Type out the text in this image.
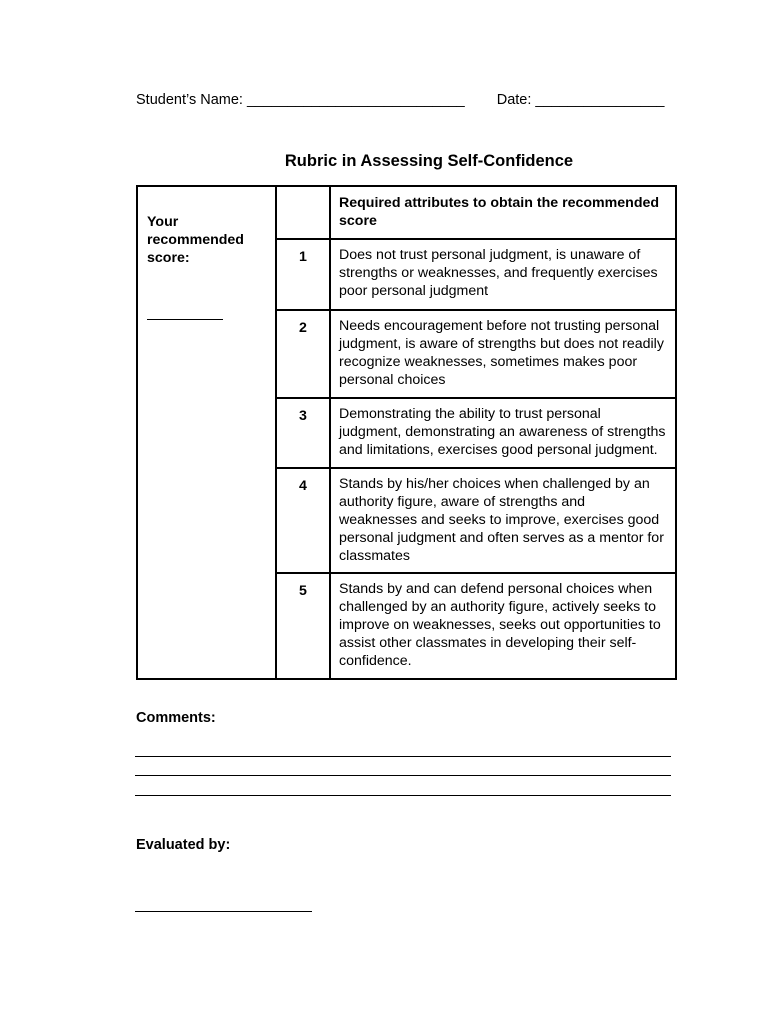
Student’s Name: ___________________________ Date: ________________
Rubric in Assessing Self-Confidence
Your recommended score:		Required attributes to obtain the recommended score
	1	Does not trust personal judgment, is unaware of strengths or weaknesses, and frequently exercises poor personal judgment
	2	Needs encouragement before not trusting personal judgment, is aware of strengths but does not readily recognize weaknesses, sometimes makes poor personal choices
	3	Demonstrating the ability to trust personal judgment, demonstrating an awareness of strengths and limitations, exercises good personal judgment.
	4	Stands by his/her choices when challenged by an authority figure, aware of strengths and weaknesses and seeks to improve, exercises good personal judgment and often serves as a mentor for classmates
	5	Stands by and can defend personal choices when challenged by an authority figure, actively seeks to improve on weaknesses, seeks out opportunities to assist other classmates in developing their self-confidence.
Comments:
Evaluated by:
